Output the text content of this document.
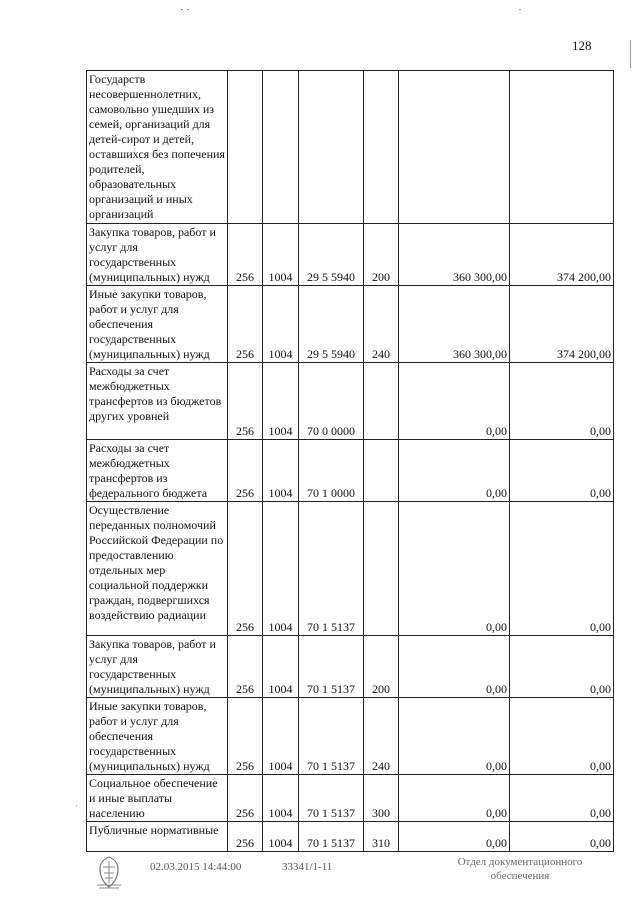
128
Государств несовершеннолетних, самовольно ушедших из семей, организаций для детей-сирот и детей, оставшихся без попечения родителей, образовательных организаций и иных организаций						
Закупка товаров, работ и услуг для государственных (муниципальных) нужд	256	1004	29 5 5940	200	360 300,00	374 200,00
Иные закупки товаров, работ и услуг для обеспечения государственных (муниципальных) нужд	256	1004	29 5 5940	240	360 300,00	374 200,00
Расходы за счет межбюджетных трансфертов из бюджетов других уровней	256	1004	70 0 0000		0,00	0,00
Расходы за счет межбюджетных трансфертов из федерального бюджета	256	1004	70 1 0000		0,00	0,00
Осуществление переданных полномочий Российской Федерации по предоставлению отдельных мер социальной поддержки граждан, подвергшихся воздействию радиации	256	1004	70 1 5137		0,00	0,00
Закупка товаров, работ и услуг для государственных (муниципальных) нужд	256	1004	70 1 5137	200	0,00	0,00
Иные закупки товаров, работ и услуг для обеспечения государственных (муниципальных) нужд	256	1004	70 1 5137	240	0,00	0,00
Социальное обеспечение и иные выплаты населению	256	1004	70 1 5137	300	0,00	0,00
Публичные нормативные	256	1004	70 1 5137	310	0,00	0,00
02.03.2015 14:44:00	33341/1-11	Отдел документационного
обеспечения
